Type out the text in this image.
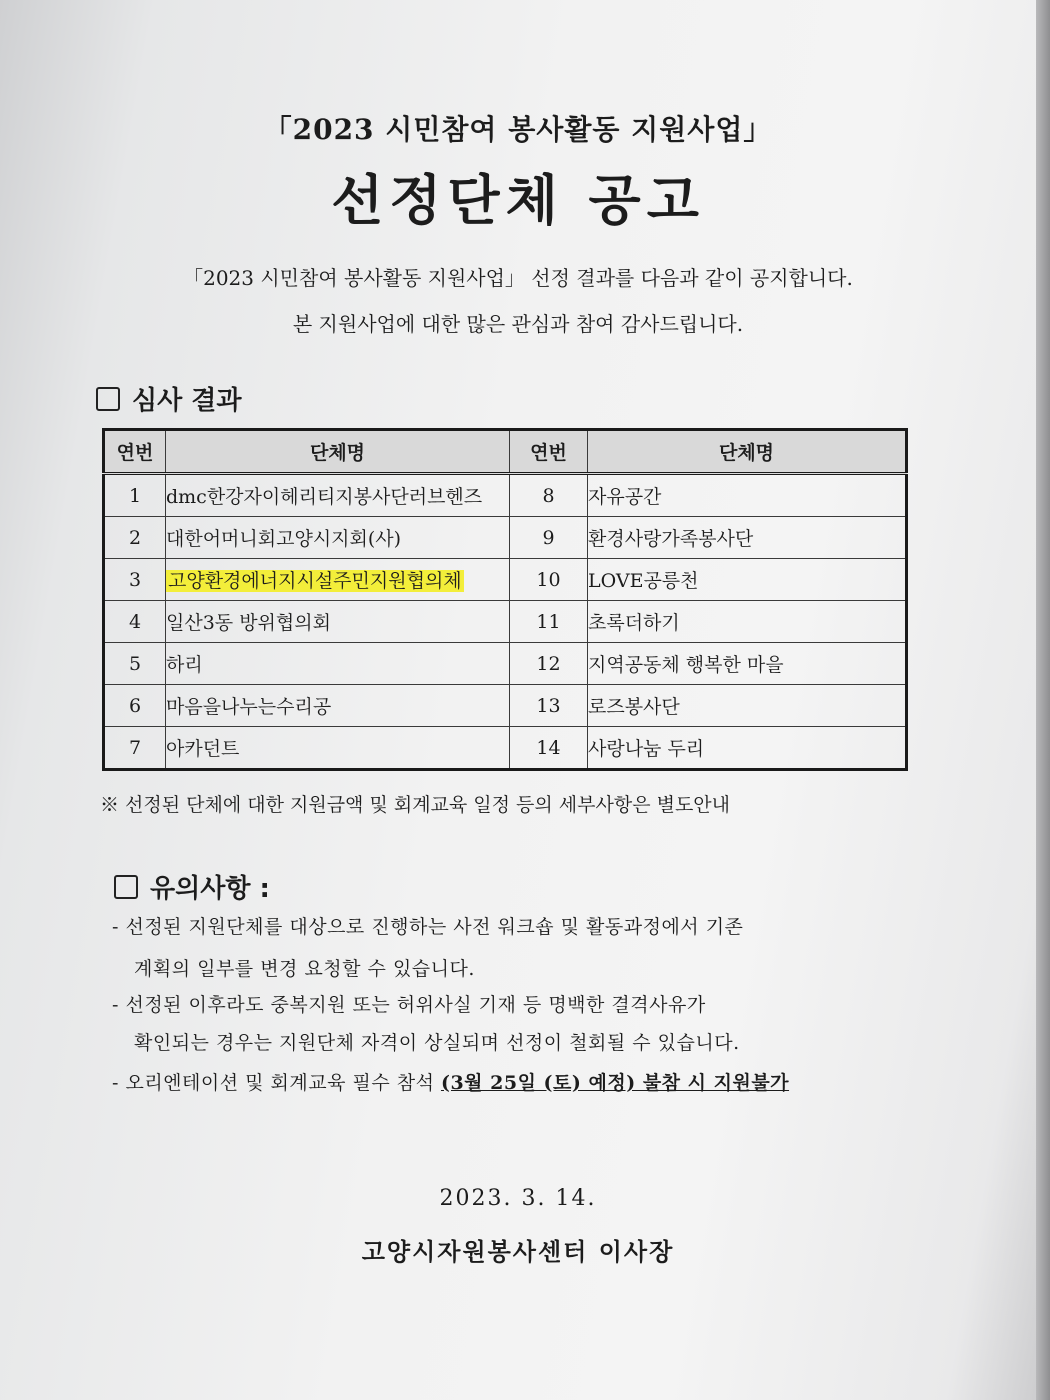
「2023 시민참여 봉사활동 지원사업」
선정단체 공고
「2023 시민참여 봉사활동 지원사업」 선정 결과를 다음과 같이 공지합니다.
본 지원사업에 대한 많은 관심과 참여 감사드립니다.
심사 결과
연번	단체명	연번	단체명
1	dmc한강자이헤리티지봉사단러브헨즈	8	자유공간
2	대한어머니회고양시지회(사)	9	환경사랑가족봉사단
3	고양환경에너지시설주민지원협의체	10	LOVE공릉천
4	일산3동 방위협의회	11	초록더하기
5	하리	12	지역공동체 행복한 마을
6	마음을나누는수리공	13	로즈봉사단
7	아카던트	14	사랑나눔 두리
※ 선정된 단체에 대한 지원금액 및 회계교육 일정 등의 세부사항은 별도안내
유의사항 :
- 선정된 지원단체를 대상으로 진행하는 사전 워크숍 및 활동과정에서 기존
계획의 일부를 변경 요청할 수 있습니다.
- 선정된 이후라도 중복지원 또는 허위사실 기재 등 명백한 결격사유가
확인되는 경우는 지원단체 자격이 상실되며 선정이 철회될 수 있습니다.
- 오리엔테이션 및 회계교육 필수 참석 (3월 25일 (토) 예정) 불참 시 지원불가
2023. 3. 14.
고양시자원봉사센터 이사장
